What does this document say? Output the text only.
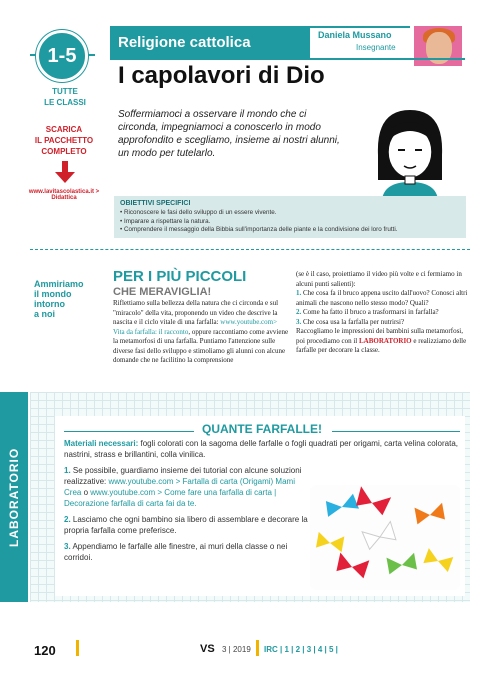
1-5
Religione cattolica	Daniela Mussano
Insegnante
I capolavori di Dio
TUTTE
LE CLASSI
SCARICA
IL PACCHETTO
COMPLETO
www.lavitascolastica.it > Didattica
Soffermiamoci a osservare il mondo che ci circonda, impegniamoci a conoscerlo in modo approfondito e scegliamo, insieme ai nostri alunni, un modo per tutelarlo.
OBIETTIVI SPECIFICI
• Riconoscere le fasi dello sviluppo di un essere vivente.
• Imparare a rispettare la natura.
• Comprendere il messaggio della Bibbia sull'importanza delle piante e la condivisione dei loro frutti.
Ammiriamo
il mondo
intorno
a noi
PER I PIÙ PICCOLI
CHE MERAVIGLIA!
Riflettiamo sulla bellezza della natura che ci circonda e sul "miracolo" della vita, proponendo un video che descrive la nascita e il ciclo vitale di una farfalla: www.youtube.com> Vita da farfalla: il racconto, oppure raccontiamo come avviene la metamorfosi di una farfalla. Puntiamo l'attenzione sulle diverse fasi dello sviluppo e stimoliamo gli alunni con alcune domande che ne facilitino la comprensione
(se è il caso, proiettiamo il video più volte e ci fermiamo in alcuni punti salienti):
1. Che cosa fa il bruco appena uscito dall'uovo? Conosci altri animali che nascono nello stesso modo? Quali?
2. Come ha fatto il bruco a trasformarsi in farfalla?
3. Che cosa usa la farfalla per nutrirsi?
Raccogliamo le impressioni dei bambini sulla metamorfosi, poi procediamo con il LABORATORIO e realizziamo delle farfalle per decorare la classe.
LABORATORIO
QUANTE FARFALLE!
Materiali necessari: fogli colorati con la sagoma delle farfalle o fogli quadrati per origami, carta velina colorata, nastrini, strass e brillantini, colla vinilica.

1. Se possibile, guardiamo insieme dei tutorial con alcune soluzioni realizzative: www.youtube.com > Fartalla di carta (Origami) Mami Crea o www.youtube.com > Come fare una farfalla di carta | Decorazione farfalla di carta fai da te.

2. Lasciamo che ogni bambino sia libero di assemblare e decorare la propria farfalla come preferisce.

3. Appendiamo le farfalle alle finestre, ai muri della classe o nei corridoi.

120	VS 3 | 2019 IRC | 1 | 2 | 3 | 4 | 5 |
